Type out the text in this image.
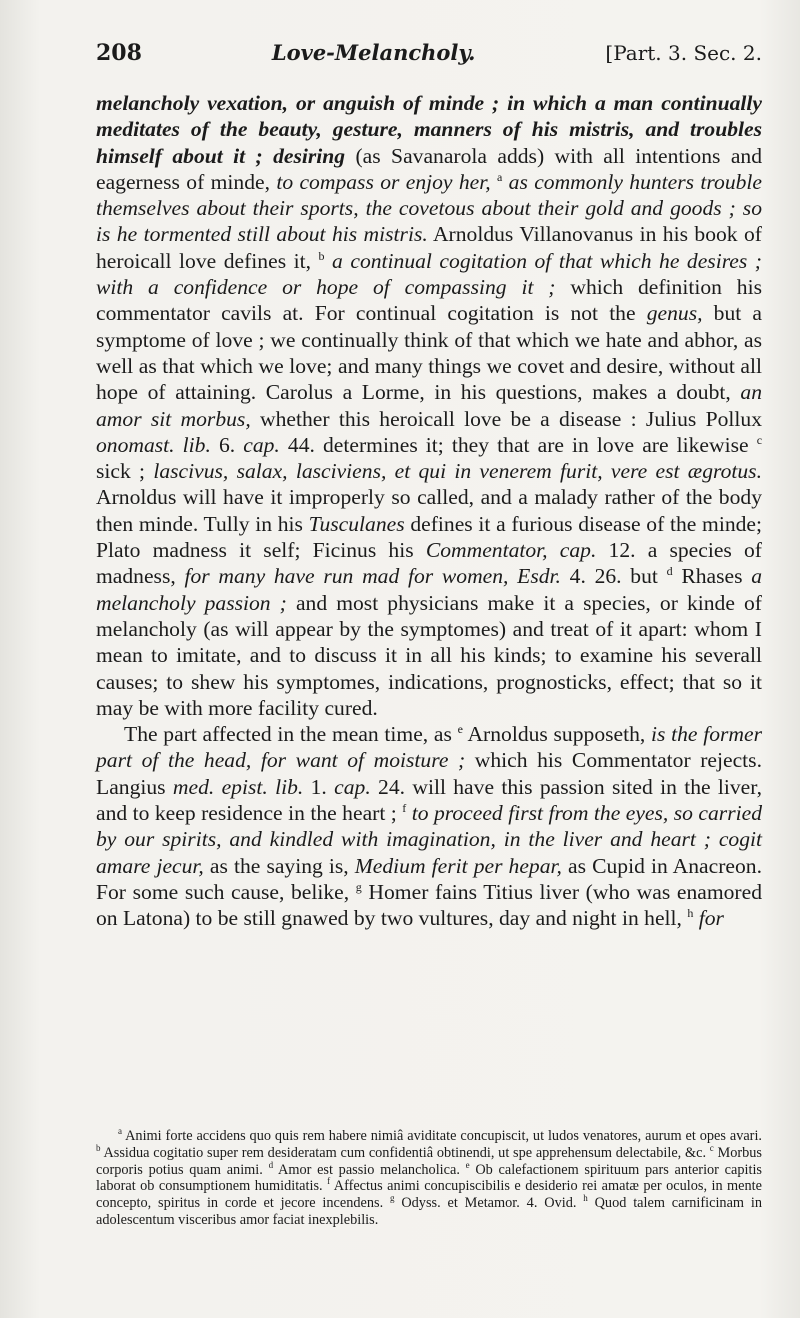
208	Love-Melancholy.	[Part. 3. Sec. 2.

melancholy vexation, or anguish of minde ; in which a man continually meditates of the beauty, gesture, manners of his mistris, and troubles himself about it ; desiring (as Savanarola adds) with all intentions and eagerness of minde, to compass or enjoy her, $^a$ as commonly hunters trouble themselves about their sports, the covetous about their gold and goods ; so is he tormented still about his mistris. Arnoldus Villanovanus in his book of heroicall love defines it, $^b$ a continual cogitation of that which he desires ; with a confidence or hope of compassing it ; which definition his commentator cavils at. For continual cogitation is not the genus, but a symptome of love ; we continually think of that which we hate and abhor, as well as that which we love; and many things we covet and desire, without all hope of attaining. Carolus a Lorme, in his questions, makes a doubt, an amor sit morbus, whether this heroicall love be a disease : Julius Pollux onomast. lib. 6. cap. 44. determines it; they that are in love are likewise $^c$ sick ; lascivus, salax, lasciviens, et qui in venerem furit, vere est ægrotus. Arnoldus will have it improperly so called, and a malady rather of the body then minde. Tully in his Tusculanes defines it a furious disease of the minde; Plato madness it self; Ficinus his Commentator, cap. 12. a species of madness, for many have run mad for women, Esdr. 4. 26. but $^d$ Rhases a melancholy passion ; and most physicians make it a species, or kinde of melancholy (as will appear by the symptomes) and treat of it apart: whom I mean to imitate, and to discuss it in all his kinds; to examine his severall causes; to shew his symptomes, indications, prognosticks, effect; that so it may be with more facility cured.

The part affected in the mean time, as $^e$ Arnoldus supposeth, is the former part of the head, for want of moisture ; which his Commentator rejects. Langius med. epist. lib. 1. cap. 24. will have this passion sited in the liver, and to keep residence in the heart ; $^f$ to proceed first from the eyes, so carried by our spirits, and kindled with imagination, in the liver and heart ; cogit amare jecur, as the saying is, Medium ferit per hepar, as Cupid in Anacreon. For some such cause, belike, $^g$ Homer fains Titius liver (who was enamored on Latona) to be still gnawed by two vultures, day and night in hell, $^h$ for

$^a$ Animi forte accidens quo quis rem habere nimiâ aviditate concupiscit, ut ludos venatores, aurum et opes avari. $^b$ Assidua cogitatio super rem desideratam cum confidentiâ obtinendi, ut spe apprehensum delectabile, &c. $^c$ Morbus corporis potius quam animi. $^d$ Amor est passio melancholica. $^e$ Ob calefactionem spirituum pars anterior capitis laborat ob consumptionem humiditatis. $^f$ Affectus animi concupiscibilis e desiderio rei amatæ per oculos, in mente concepto, spiritus in corde et jecore incendens. $^g$ Odyss. et Metamor. 4. Ovid. $^h$ Quod talem carnificinam in adolescentum visceribus amor faciat inexplebilis.
